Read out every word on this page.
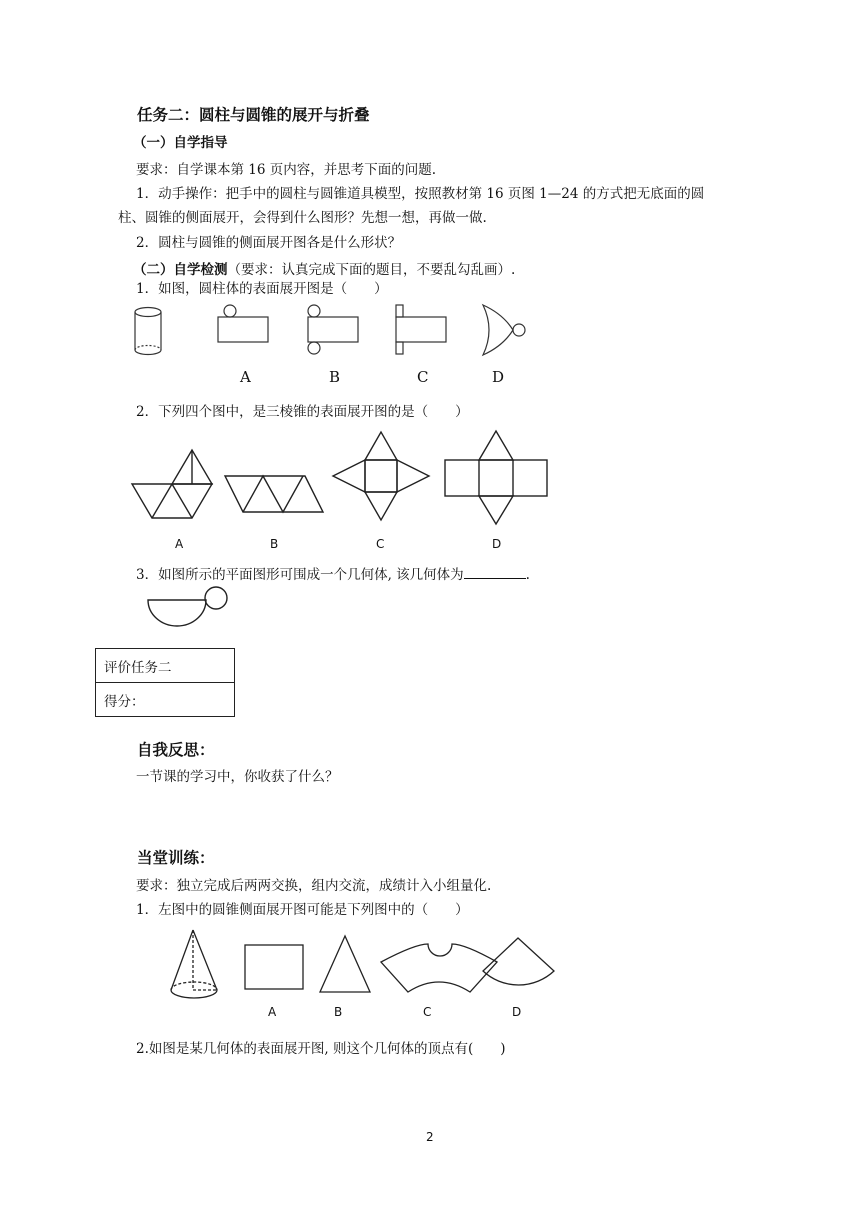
任务二：圆柱与圆锥的展开与折叠
（一）自学指导
要求：自学课本第 16 页内容，并思考下面的问题.
1．动手操作：把手中的圆柱与圆锥道具模型，按照教材第 16 页图 1—24 的方式把无底面的圆
柱、圆锥的侧面展开，会得到什么图形？先想一想，再做一做.
2．圆柱与圆锥的侧面展开图各是什么形状？
（二）自学检测（要求：认真完成下面的题目，不要乱勾乱画）.
1．如图，圆柱体的表面展开图是（　　）
A	B	C	D
2．下列四个图中，是三棱锥的表面展开图的是（　　）
A	B	C	D
3．如图所示的平面图形可围成一个几何体, 该几何体为	.
评价任务二
得分：
自我反思：
一节课的学习中，你收获了什么？
当堂训练：
要求：独立完成后两两交换，组内交流，成绩计入小组量化.
1．左图中的圆锥侧面展开图可能是下列图中的（　　）
A	B	C	D
2.如图是某几何体的表面展开图, 则这个几何体的顶点有(　　)
2
